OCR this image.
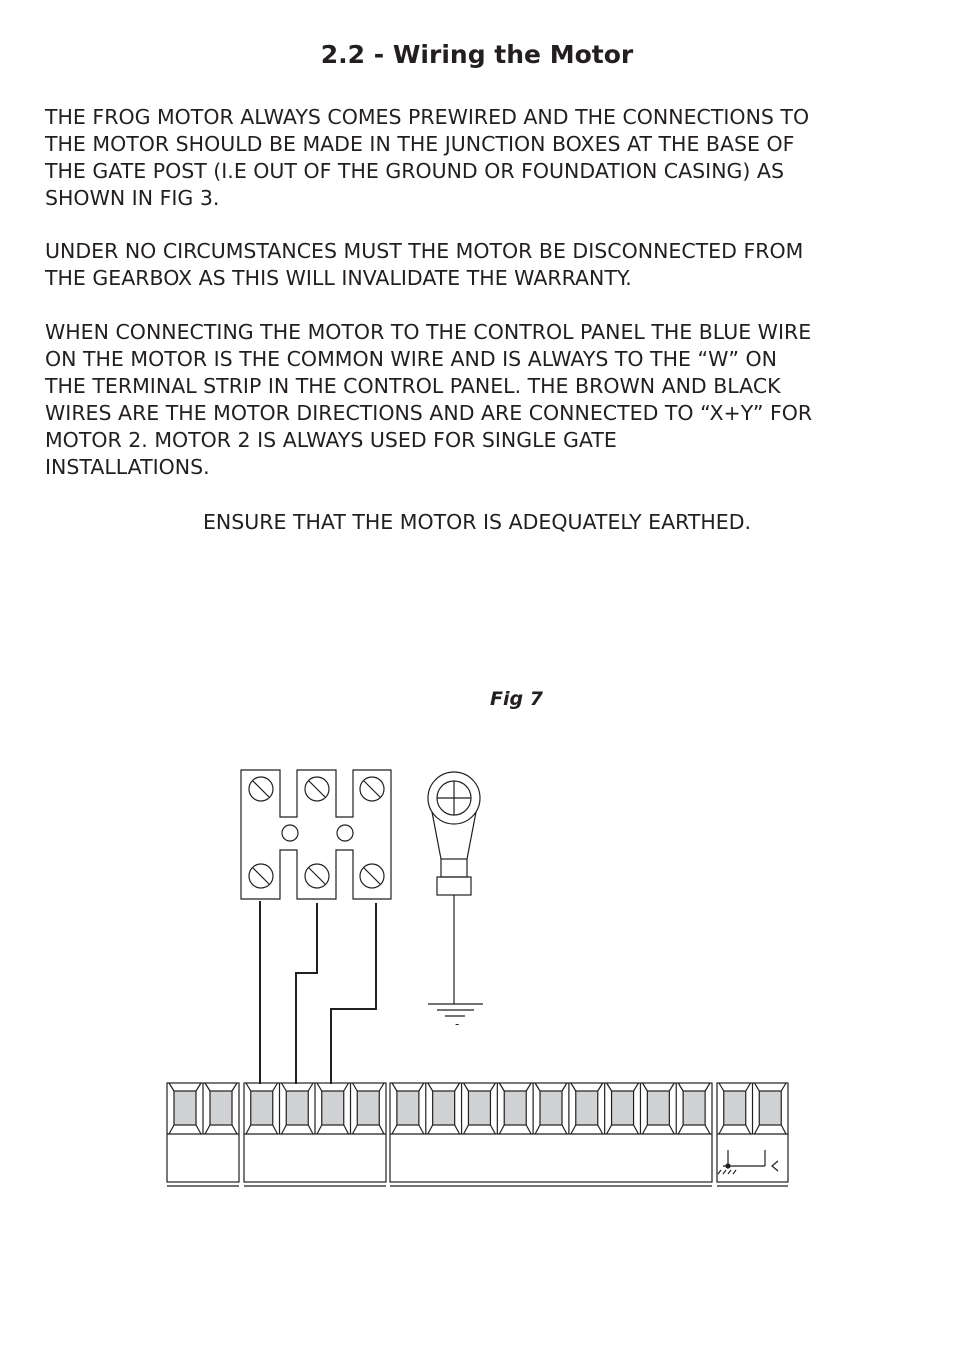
2.2 - Wiring the Motor

THE FROG MOTOR ALWAYS COMES PREWIRED AND THE CONNECTIONS TO
THE MOTOR SHOULD BE MADE IN THE JUNCTION BOXES AT THE BASE OF
THE GATE POST (I.E OUT OF THE GROUND OR FOUNDATION CASING) AS
SHOWN IN FIG 3.

UNDER NO CIRCUMSTANCES MUST THE MOTOR BE DISCONNECTED FROM
THE GEARBOX AS THIS WILL INVALIDATE THE WARRANTY.

WHEN CONNECTING THE MOTOR TO THE CONTROL PANEL THE BLUE WIRE
ON THE MOTOR IS THE COMMON WIRE AND IS ALWAYS TO THE “W” ON
THE TERMINAL STRIP IN THE CONTROL PANEL. THE BROWN AND BLACK
WIRES ARE THE MOTOR DIRECTIONS AND ARE CONNECTED TO “X+Y” FOR
MOTOR 2. MOTOR 2 IS ALWAYS USED FOR SINGLE GATE
INSTALLATIONS.

ENSURE THAT THE MOTOR IS ADEQUATELY EARTHED.
Fig 7
-
